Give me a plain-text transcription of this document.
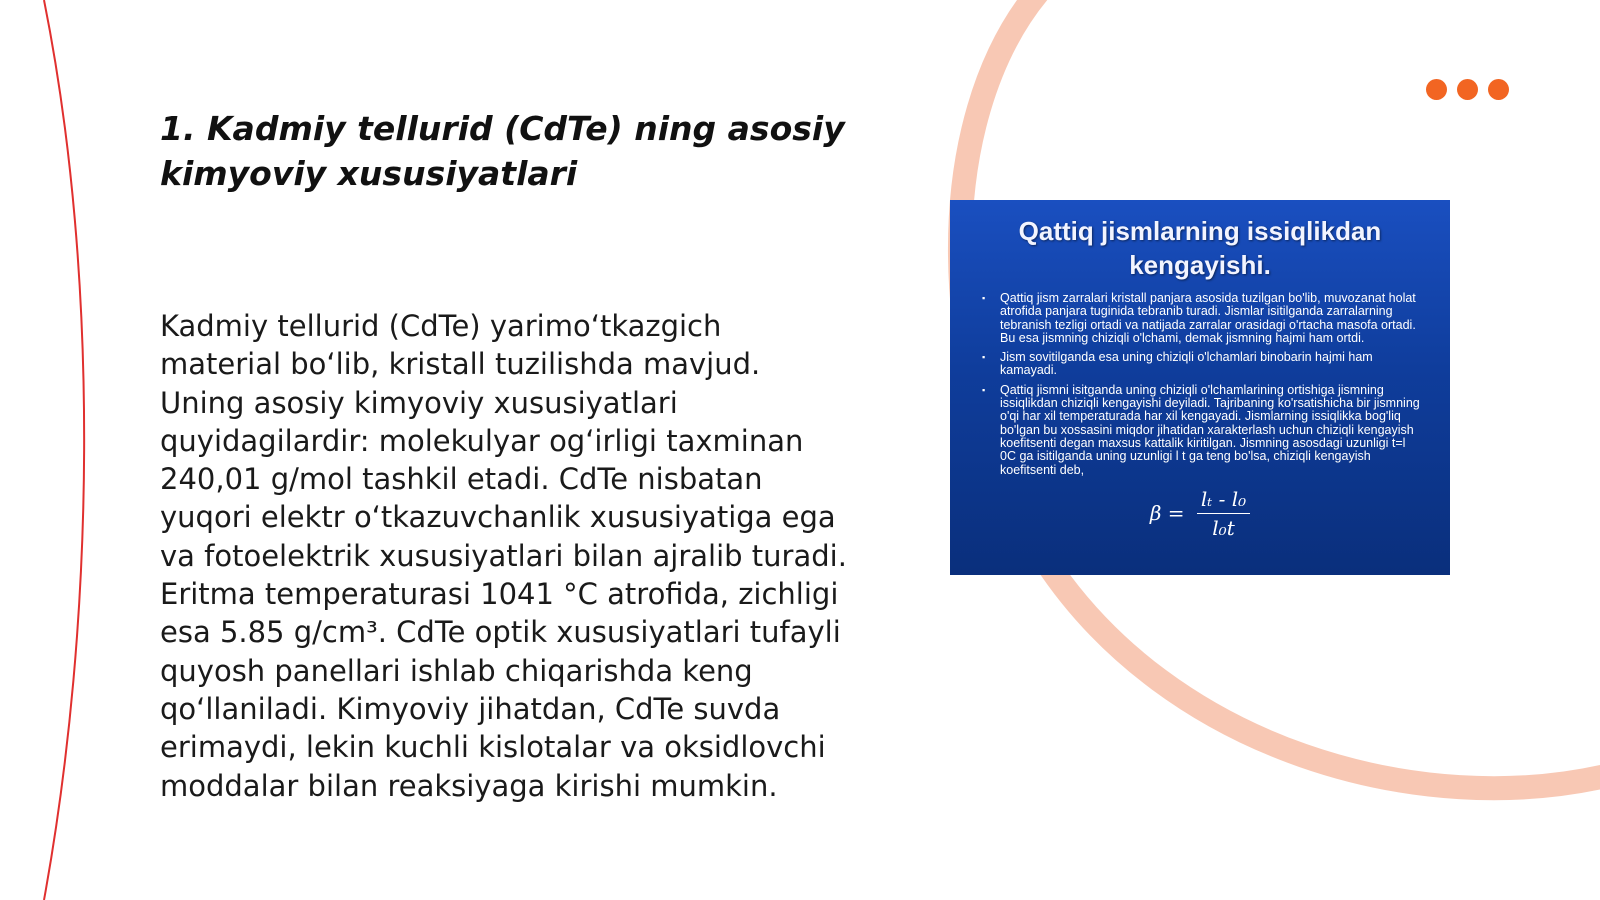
1. Kadmiy tellurid (CdTe) ning asosiy kimyoviy xususiyatlari

Kadmiy tellurid (CdTe) yarimo‘tkazgich material bo‘lib, kristall tuzilishda mavjud. Uning asosiy kimyoviy xususiyatlari quyidagilardir: molekulyar og‘irligi taxminan 240,01 g/mol tashkil etadi. CdTe nisbatan yuqori elektr o‘tkazuvchanlik xususiyatiga ega va fotoelektrik xususiyatlari bilan ajralib turadi. Eritma temperaturasi 1041 °C atrofida, zichligi esa 5.85 g/cm³. CdTe optik xususiyatlari tufayli quyosh panellari ishlab chiqarishda keng qo‘llaniladi. Kimyoviy jihatdan, CdTe suvda erimaydi, lekin kuchli kislotalar va oksidlovchi moddalar bilan reaksiyaga kirishi mumkin.

Qattiq jismlarning issiqlikdan kengayishi.
▪ Qattiq jism zarralari kristall panjara asosida tuzilgan bo'lib, muvozanat holat atrofida panjara tuginida tebranib turadi. Jismlar isitilganda zarralarning tebranish tezligi ortadi va natijada zarralar orasidagi o'rtacha masofa ortadi. Bu esa jismning chiziqli o'lchami, demak jismning hajmi ham ortdi.
▪ Jism sovitilganda esa uning chiziqli o'lchamlari binobarin hajmi ham kamayadi.
▪ Qattiq jismni isitganda uning chiziqli o'lchamlarining ortishiga jismning issiqlikdan chiziqli kengayishi deyiladi. Tajribaning ko'rsatishicha bir jismning o'qi har xil temperaturada har xil kengayadi. Jismlarning issiqlikka bog'liq bo'lgan bu xossasini miqdor jihatidan xarakterlash uchun chiziqli kengayish koefitsenti degan maxsus kattalik kiritilgan. Jismning asosdagi uzunligi t=l 0C ga isitilganda uning uzunligi l t ga teng bo'lsa, chiziqli kengayish koefitsenti deb,
$\beta = \frac{\text{lₜ - l₀}}{\text{l₀t}}$
